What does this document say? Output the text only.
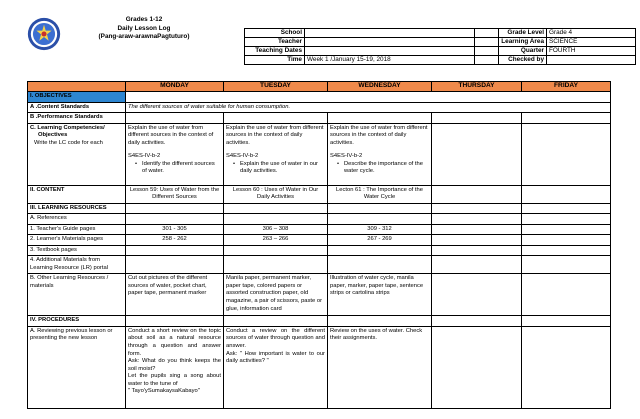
Grades 1-12
Daily Lesson Log
(Pang-araw-arawnaPagtuturo)
School	
Teacher	
Teaching Dates	
Time	Week 1 /January 15-19, 2018
Grade Level	Grade 4
Learning Area	SCIENCE
Quarter	FOURTH
Checked by	
	MONDAY	TUESDAY	WEDNESDAY	THURSDAY	FRIDAY
I. OBJECTIVES					
A .Content Standards	The different sources of water suitable for human consumption.				
B .Performance Standards					

C. Learning Competencies/
Objectives
Write the LC code for each	Explain the use of water from different sources in the context of daily activities.
S4ES-IV-b-2
• Identify the different sources of water.	Explain the use of water from different sources in the context of daily activities.
S4ES-IV-b-2
• Explain the use of water in our daily activities.	Explain the use of water from different sources in the context of daily activities.
S4ES-IV-b-2
• Describe the importance of the water cycle.

II. CONTENT	Lesson 59: Uses of Water from the Different Sources	Lesson 60 : Uses of Water in Our Daily Activities	Lecton 61 : The Importance of the Water Cycle		
III. LEARNING RESOURCES					
A. References					
1. Teacher's Guide pages	301 - 305	306 – 308	309 - 312		
2. Learner's Materials pages	258 - 262	263 – 266	267 - 269		
3. Textbook pages					

4. Additional Materials from
Learning Resource (LR) portal					

B. Other Learning Resources /
materials	Cut out pictures of the different sources of water, pocket chart, paper tape, permanent marker	Manila paper, permanent marker, paper tape, colored papers or assorted construction paper, old magazine, a pair of scissors, paste or glue, information card	Illustration of water cycle, manila paper, marker, paper tape, sentence strips or cartolina strips		
IV. PROCEDURES					

A. Reviewing previous lesson or
presenting the new lesson	Conduct a short review on the topic about soil as a natural resource through a question and answer form.
Ask: What do you think keeps the soil moist?
Let the pupils sing a song about water to the tune of
" Tayo'ySumakaysaKabayo"	Conduct a review on the different sources of water through question and answer.
Ask: " How important is water to our daily activities? "	Review on the uses of water. Check their assignments.		
